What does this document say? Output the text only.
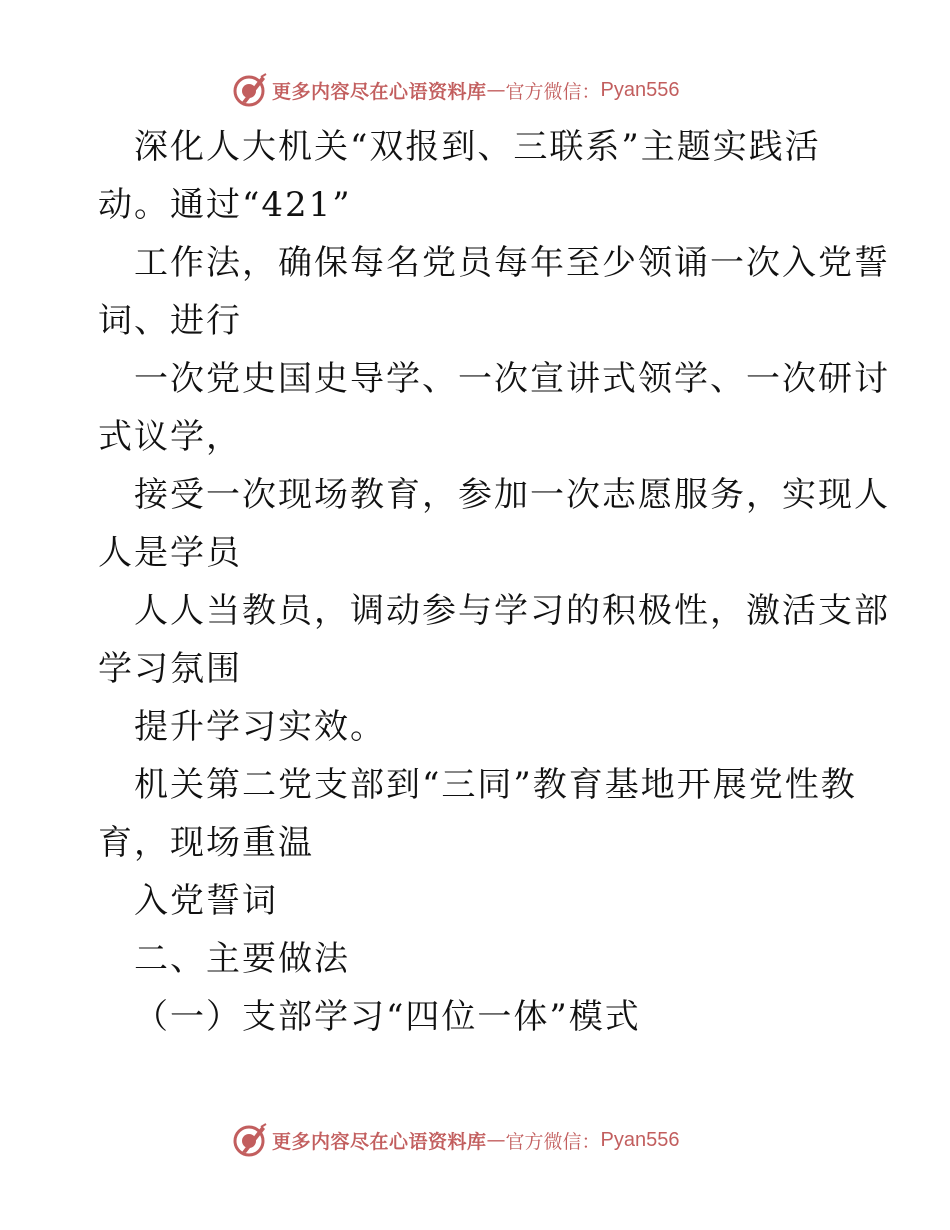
更多内容尽在心语资料库 — 官方微信： Pyan556
深化人大机关“双报到、三联系”主题实践活
动。通过“421”
工作法，确保每名党员每年至少领诵一次入党誓
词、进行
一次党史国史导学、一次宣讲式领学、一次研讨
式议学，
接受一次现场教育，参加一次志愿服务，实现人
人是学员
人人当教员，调动参与学习的积极性，激活支部
学习氛围
提升学习实效。
机关第二党支部到“三同”教育基地开展党性教
育，现场重温
入党誓词
二、主要做法
（一）支部学习“四位一体”模式
更多内容尽在心语资料库 — 官方微信： Pyan556
